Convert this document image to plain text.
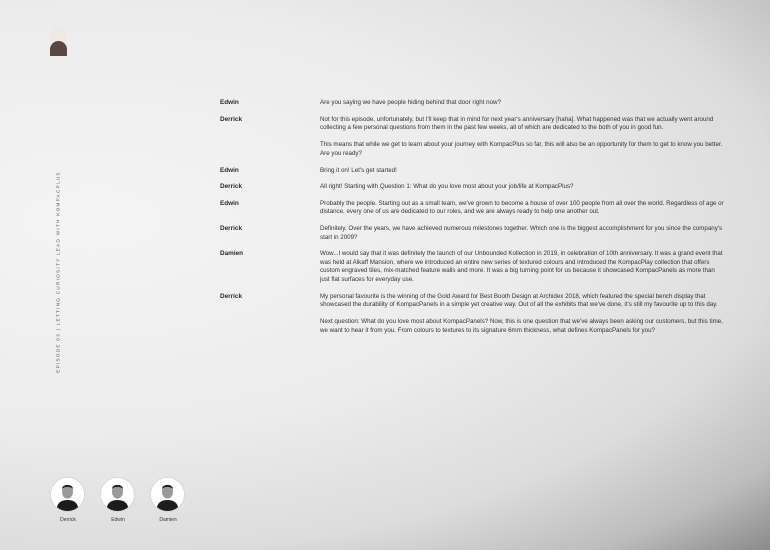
EPISODE 03 | LETTING CURIOSITY LEAD WITH KOMPACPLUS
Edwin	Are you saying we have people hiding behind that door right now?

Derrick	Not for this episode, unfortunately, but I'll keep that in mind for next year's anniversary [haha]. What happened was that we actually went around collecting a few personal questions from them in the past few weeks, all of which are dedicated to the both of you in good fun.

This means that while we get to learn about your journey with KompacPlus so far, this will also be an opportunity for them to get to know you better. Are you ready?

Edwin	Bring it on! Let's get started!

Derrick	All right! Starting with Question 1: What do you love most about your job/life at KompacPlus?

Edwin	Probably the people. Starting out as a small team, we've grown to become a house of over 100 people from all over the world. Regardless of age or distance, every one of us are dedicated to our roles, and we are always ready to help one another out.

Derrick	Definitely. Over the years, we have achieved numerous milestones together. Which one is the biggest accomplishment for you since the company's start in 2009?

Damien	Wow...I would say that it was definitely the launch of our Unbounded Kollection in 2019, in celebration of 10th anniversary. It was a grand event that was held at Alkaff Mansion, where we introduced an entire new series of textured colours and introduced the KompacPlay collection that offers custom engraved tiles, mix-matched feature walls and more. It was a big turning point for us because it showcased KompacPanels as more than just flat surfaces for everyday use.

Derrick	My personal favourite is the winning of the Gold Award for Best Booth Design at Archidex 2018, which featured the special bench display that showcased the durability of KompacPanels in a simple yet creative way. Out of all the exhibits that we've done, it's still my favourite up to this day.

Next question: What do you love most about KompacPanels? Now, this is one question that we've always been asking our customers, but this time, we want to hear it from you. From colours to textures to its signature 6mm thickness, what defines KompacPanels for you?

Derrick	Edwin	Damien
